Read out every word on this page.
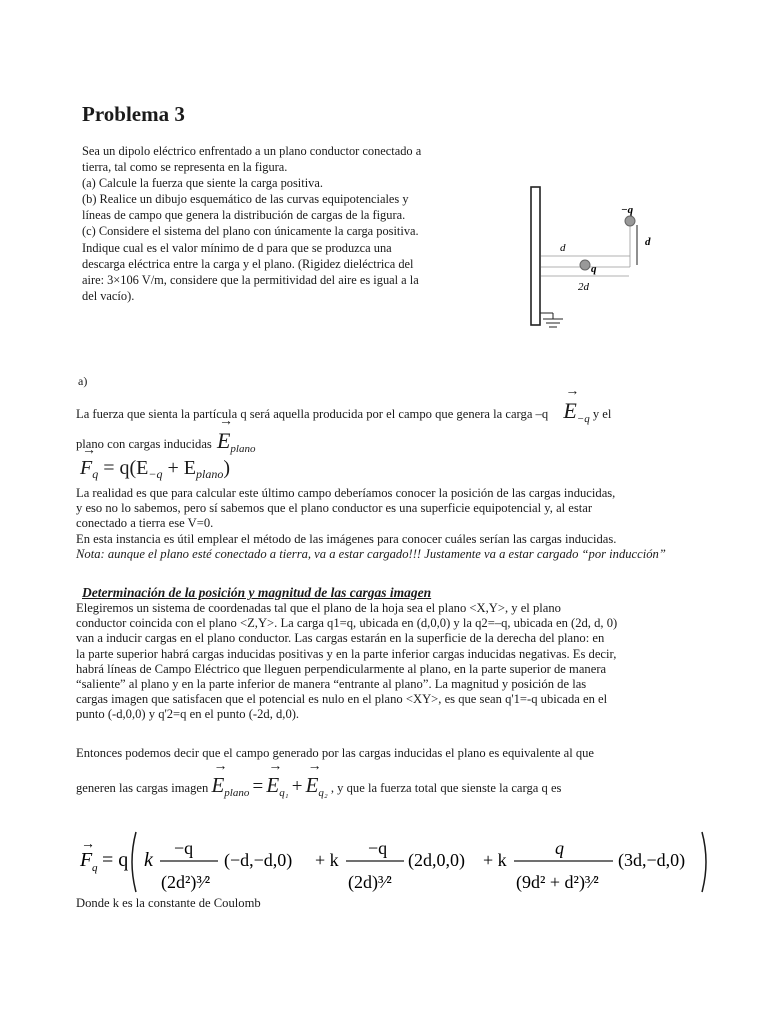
Problema 3

Sea un dipolo eléctrico enfrentado a un plano conductor conectado a

tierra, tal como se representa en la figura.

(a) Calcule la fuerza que siente la carga positiva.

(b) Realice un dibujo esquemático de las curvas equipotenciales y

líneas de campo que genera la distribución de cargas de la figura.

(c) Considere el sistema del plano con únicamente la carga positiva.

Indique cual es el valor mínimo de d para que se produzca una

descarga eléctrica entre la carga y el plano. (Rigidez dieléctrica del

aire: 3×106 V/m, considere que la permitividad del aire es igual a la

del vacío).

−q
q
d
d
2d
a)
La fuerza que sienta la partícula q será aquella producida por el campo que genera la carga –q → E−q y el
plano con cargas inducidas → Eplano
→ $F_q = q(E_{-q} + E_{plano})$

La realidad es que para calcular este último campo deberíamos conocer la posición de las cargas inducidas,

y eso no lo sabemos, pero sí sabemos que el plano conductor es una superficie equipotencial y, al estar

conectado a tierra ese V=0.

En esta instancia es útil emplear el método de las imágenes para conocer cuáles serían las cargas inducidas.

Nota: aunque el plano esté conectado a tierra, va a estar cargado!!! Justamente va a estar cargado “por inducción”

Determinación de la posición y magnitud de las cargas imagen

Elegiremos un sistema de coordenadas tal que el plano de la hoja sea el plano <X,Y>, y el plano

conductor coincida con el plano <Z,Y>. La carga q1=q, ubicada en (d,0,0) y la q2=–q, ubicada en (2d, d, 0)

van a inducir cargas en el plano conductor. Las cargas estarán en la superficie de la derecha del plano: en

la parte superior habrá cargas inducidas positivas y en la parte inferior cargas inducidas negativas. Es decir,

habrá líneas de Campo Eléctrico que lleguen perpendicularmente al plano, en la parte superior de manera

“saliente” al plano y en la parte inferior de manera “entrante al plano”. La magnitud y posición de las

cargas imagen que satisfacen que el potencial es nulo en el plano <XY>, es que sean q'1=-q ubicada en el

punto (-d,0,0) y q'2=q en el punto (-2d, d,0).

Entonces podemos decir que el campo generado por las cargas inducidas el plano es equivalente al que

generen las cargas imagen → Eplano = → Eq₁ + → Eq₂ , y que la fuerza total que sienste la carga q es
F
→
q = q k
−q
(2d²)³⁄²
(−d,−d,0) + k
−q
(2d)³⁄²
(2d,0,0) + k
q
(9d² + d²)³⁄²
(3d,−d,0)
Donde k es la constante de Coulomb
